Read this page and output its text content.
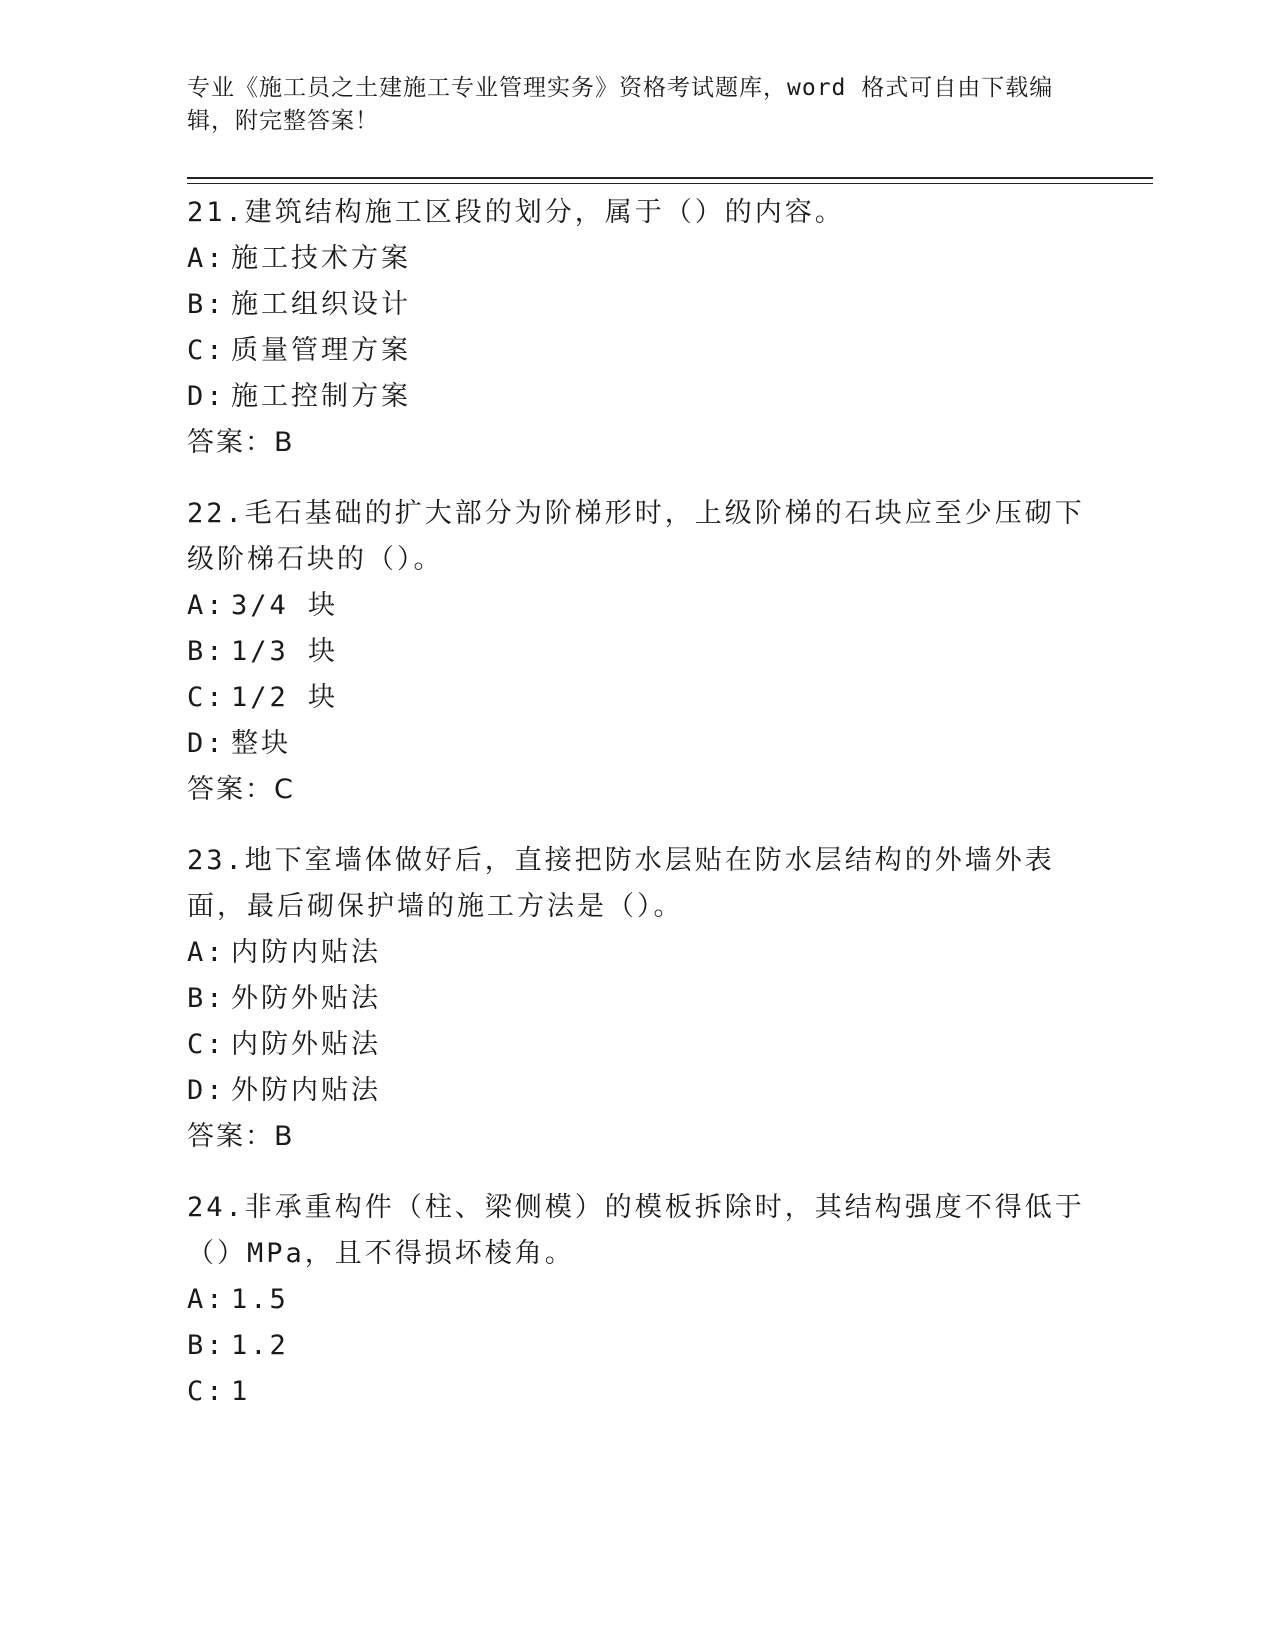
专业《施工员之土建施工专业管理实务》资格考试题库，word 格式可自由下载编辑，附完整答案！
21.建筑结构施工区段的划分，属于（）的内容。
A: 施工技术方案
B: 施工组织设计
C: 质量管理方案
D: 施工控制方案
答案：B
22.毛石基础的扩大部分为阶梯形时，上级阶梯的石块应至少压砌下级阶梯石块的（）。
A: 3/4 块
B: 1/3 块
C: 1/2 块
D: 整块
答案：C
23.地下室墙体做好后，直接把防水层贴在防水层结构的外墙外表面，最后砌保护墙的施工方法是（）。
A: 内防内贴法
B: 外防外贴法
C: 内防外贴法
D: 外防内贴法
答案：B
24.非承重构件（柱、梁侧模）的模板拆除时，其结构强度不得低于（）MPa，且不得损坏棱角。
A: 1.5
B: 1.2
C: 1
